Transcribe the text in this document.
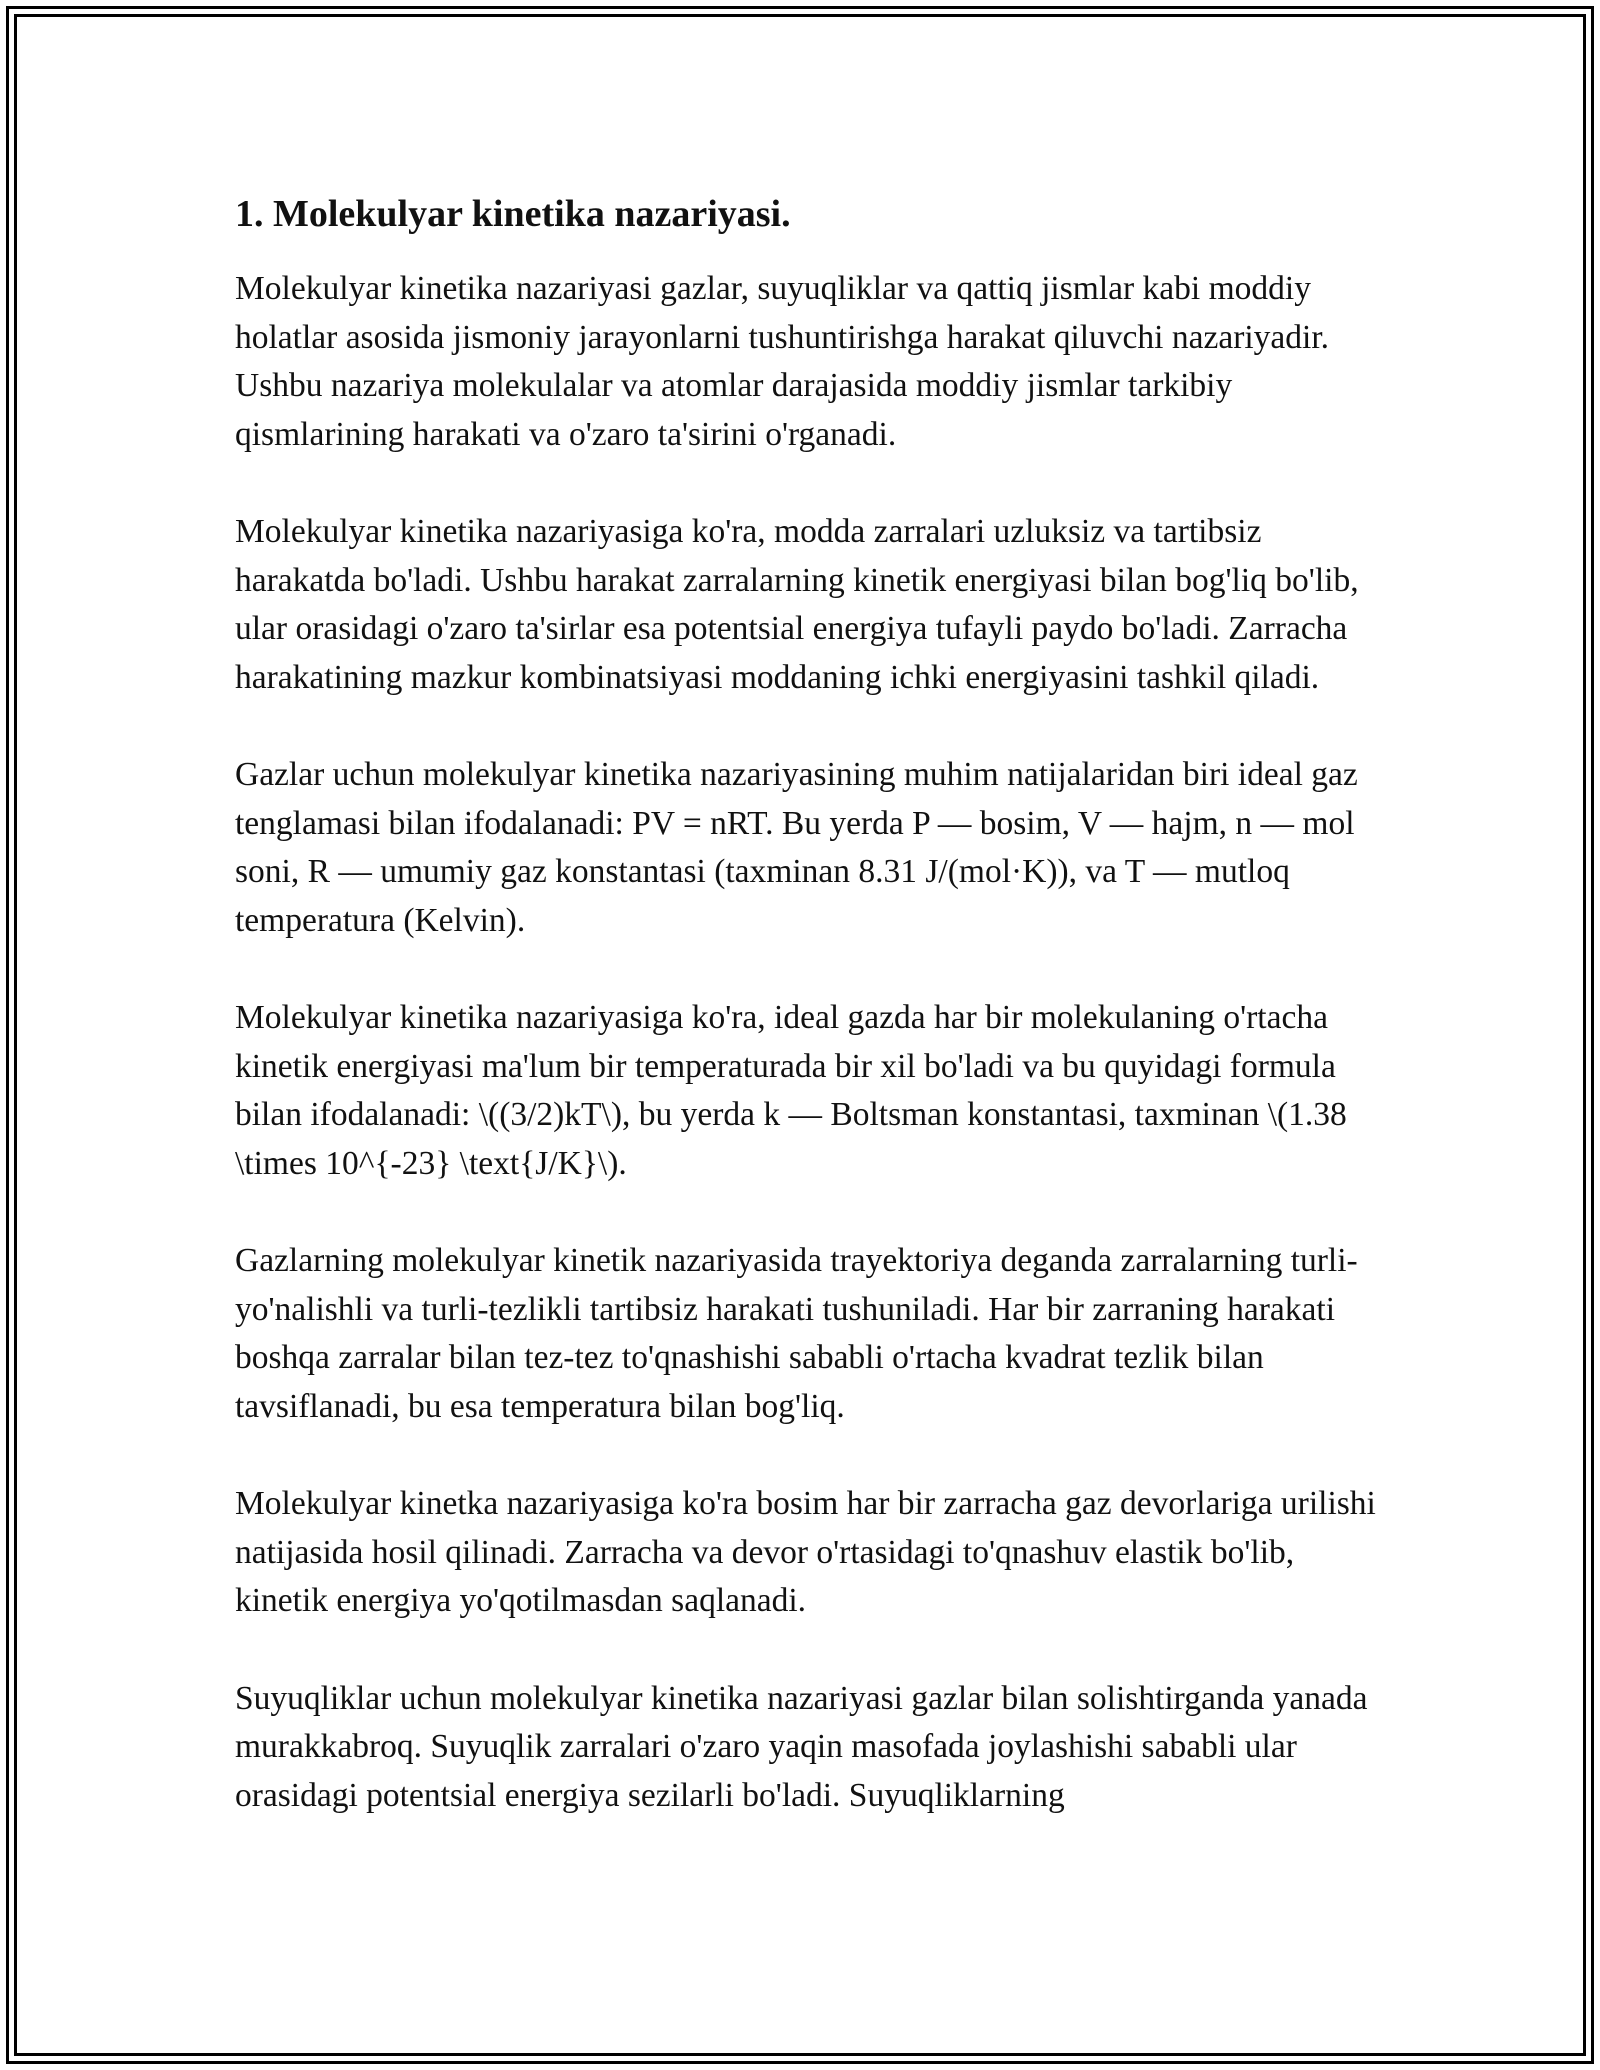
1. Molekulyar kinetika nazariyasi.

Molekulyar kinetika nazariyasi gazlar, suyuqliklar va qattiq jismlar kabi moddiy holatlar asosida jismoniy jarayonlarni tushuntirishga harakat qiluvchi nazariyadir. Ushbu nazariya molekulalar va atomlar darajasida moddiy jismlar tarkibiy qismlarining harakati va o'zaro ta'sirini o'rganadi.

Molekulyar kinetika nazariyasiga ko'ra, modda zarralari uzluksiz va tartibsiz harakatda bo'ladi. Ushbu harakat zarralarning kinetik energiyasi bilan bog'liq bo'lib, ular orasidagi o'zaro ta'sirlar esa potentsial energiya tufayli paydo bo'ladi. Zarracha harakatining mazkur kombinatsiyasi moddaning ichki energiyasini tashkil qiladi.

Gazlar uchun molekulyar kinetika nazariyasining muhim natijalaridan biri ideal gaz tenglamasi bilan ifodalanadi: PV = nRT. Bu yerda P — bosim, V — hajm, n — mol soni, R — umumiy gaz konstantasi (taxminan 8.31 J/(mol·K)), va T — mutloq temperatura (Kelvin).

Molekulyar kinetika nazariyasiga ko'ra, ideal gazda har bir molekulaning o'rtacha kinetik energiyasi ma'lum bir temperaturada bir xil bo'ladi va bu quyidagi formula bilan ifodalanadi: \((3/2)kT\), bu yerda k — Boltsman konstantasi, taxminan \(1.38 \times 10^{-23} \text{J/K}\).

Gazlarning molekulyar kinetik nazariyasida trayektoriya deganda zarralarning turli-yo'nalishli va turli-tezlikli tartibsiz harakati tushuniladi. Har bir zarraning harakati boshqa zarralar bilan tez-tez to'qnashishi sababli o'rtacha kvadrat tezlik bilan tavsiflanadi, bu esa temperatura bilan bog'liq.

Molekulyar kinetka nazariyasiga ko'ra bosim har bir zarracha gaz devorlariga urilishi natijasida hosil qilinadi. Zarracha va devor o'rtasidagi to'qnashuv elastik bo'lib, kinetik energiya yo'qotilmasdan saqlanadi.

Suyuqliklar uchun molekulyar kinetika nazariyasi gazlar bilan solishtirganda yanada murakkabroq. Suyuqlik zarralari o'zaro yaqin masofada joylashishi sababli ular orasidagi potentsial energiya sezilarli bo'ladi. Suyuqliklarning
